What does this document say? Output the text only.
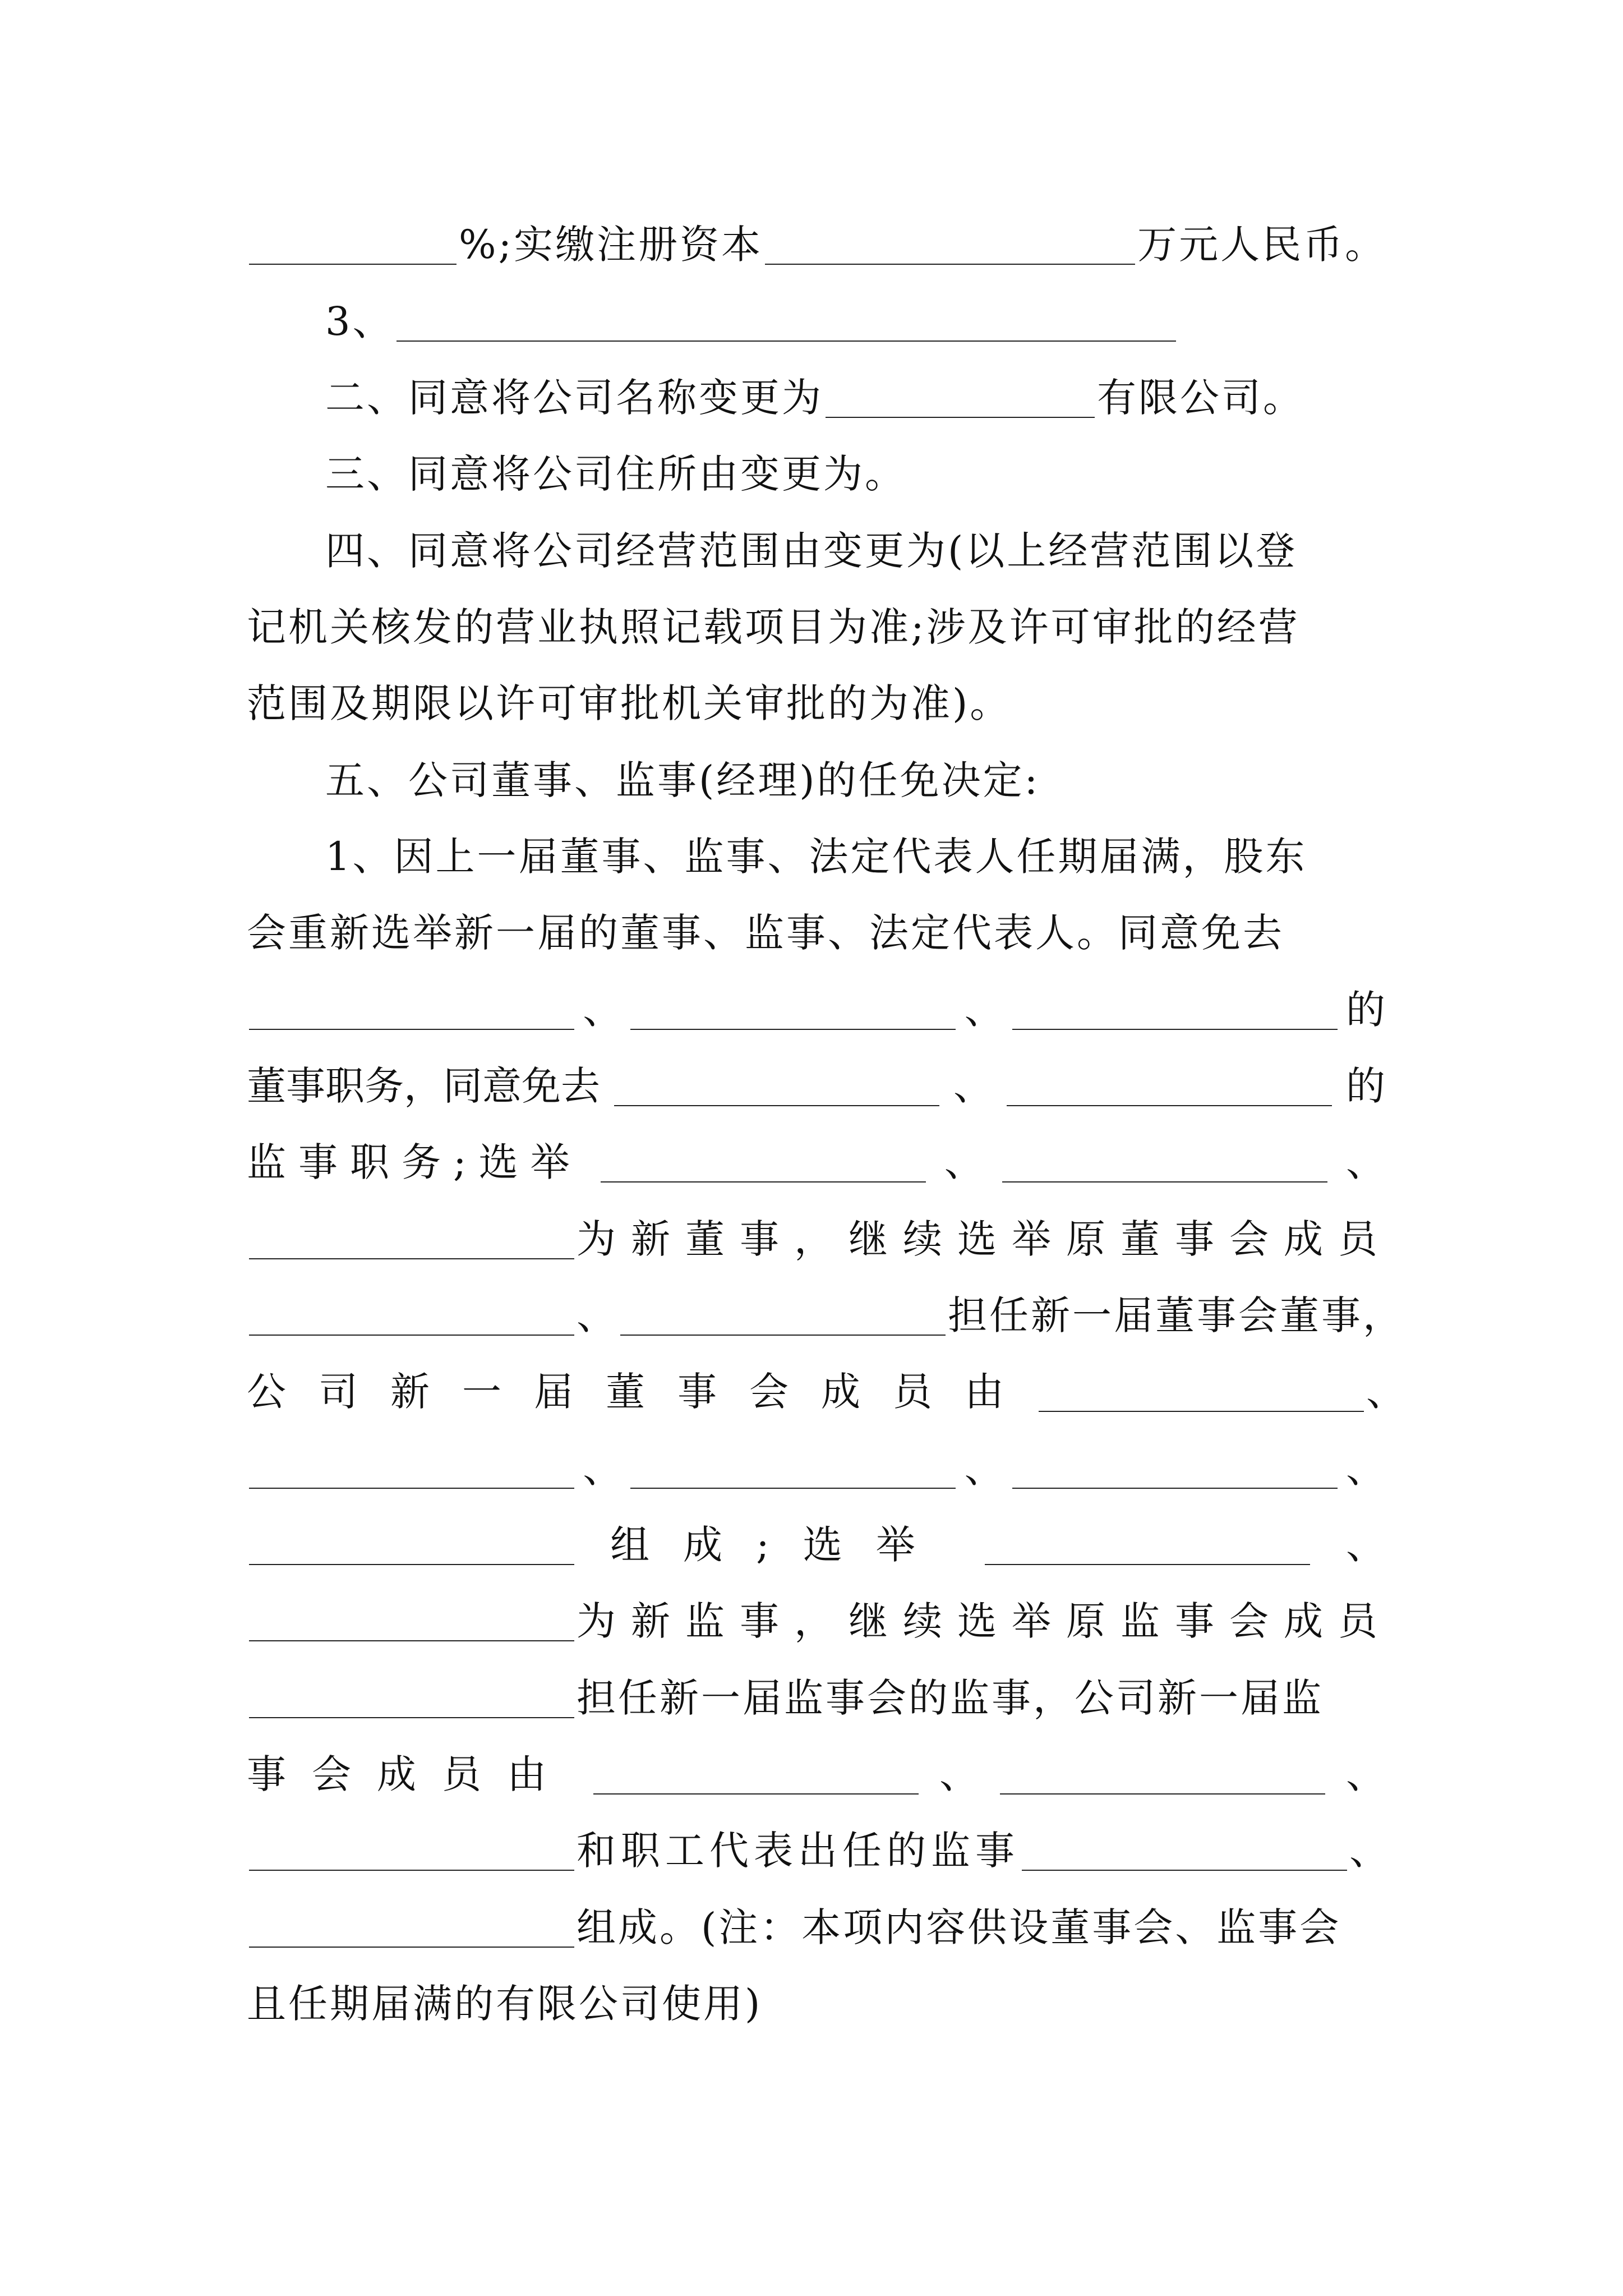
%;实缴注册资本	万元人民币。
3、
二、同意将公司名称变更为	有限公司。
三、同意将公司住所由变更为。
四、同意将公司经营范围由变更为(以上经营范围以登
记机关核发的营业执照记载项目为准;涉及许可审批的经营
范围及期限以许可审批机关审批的为准)。
五、公司董事、监事(经理)的任免决定:
1、因上一届董事、监事、法定代表人任期届满，股东
会重新选举新一届的董事、监事、法定代表人。同意免去
、	、	的
董事职务，同意免去	、	的
监事职务;选举	、	、
为新董事，继续选举原董事会成员
、	担任新一届董事会董事，
公司新一届董事会成员由	、
、	、	、
组成;选举	、
为新监事，继续选举原监事会成员
担任新一届监事会的监事，公司新一届监
事会成员由	、	、
和职工代表出任的监事	、
组成。(注：本项内容供设董事会、监事会
且任期届满的有限公司使用)
